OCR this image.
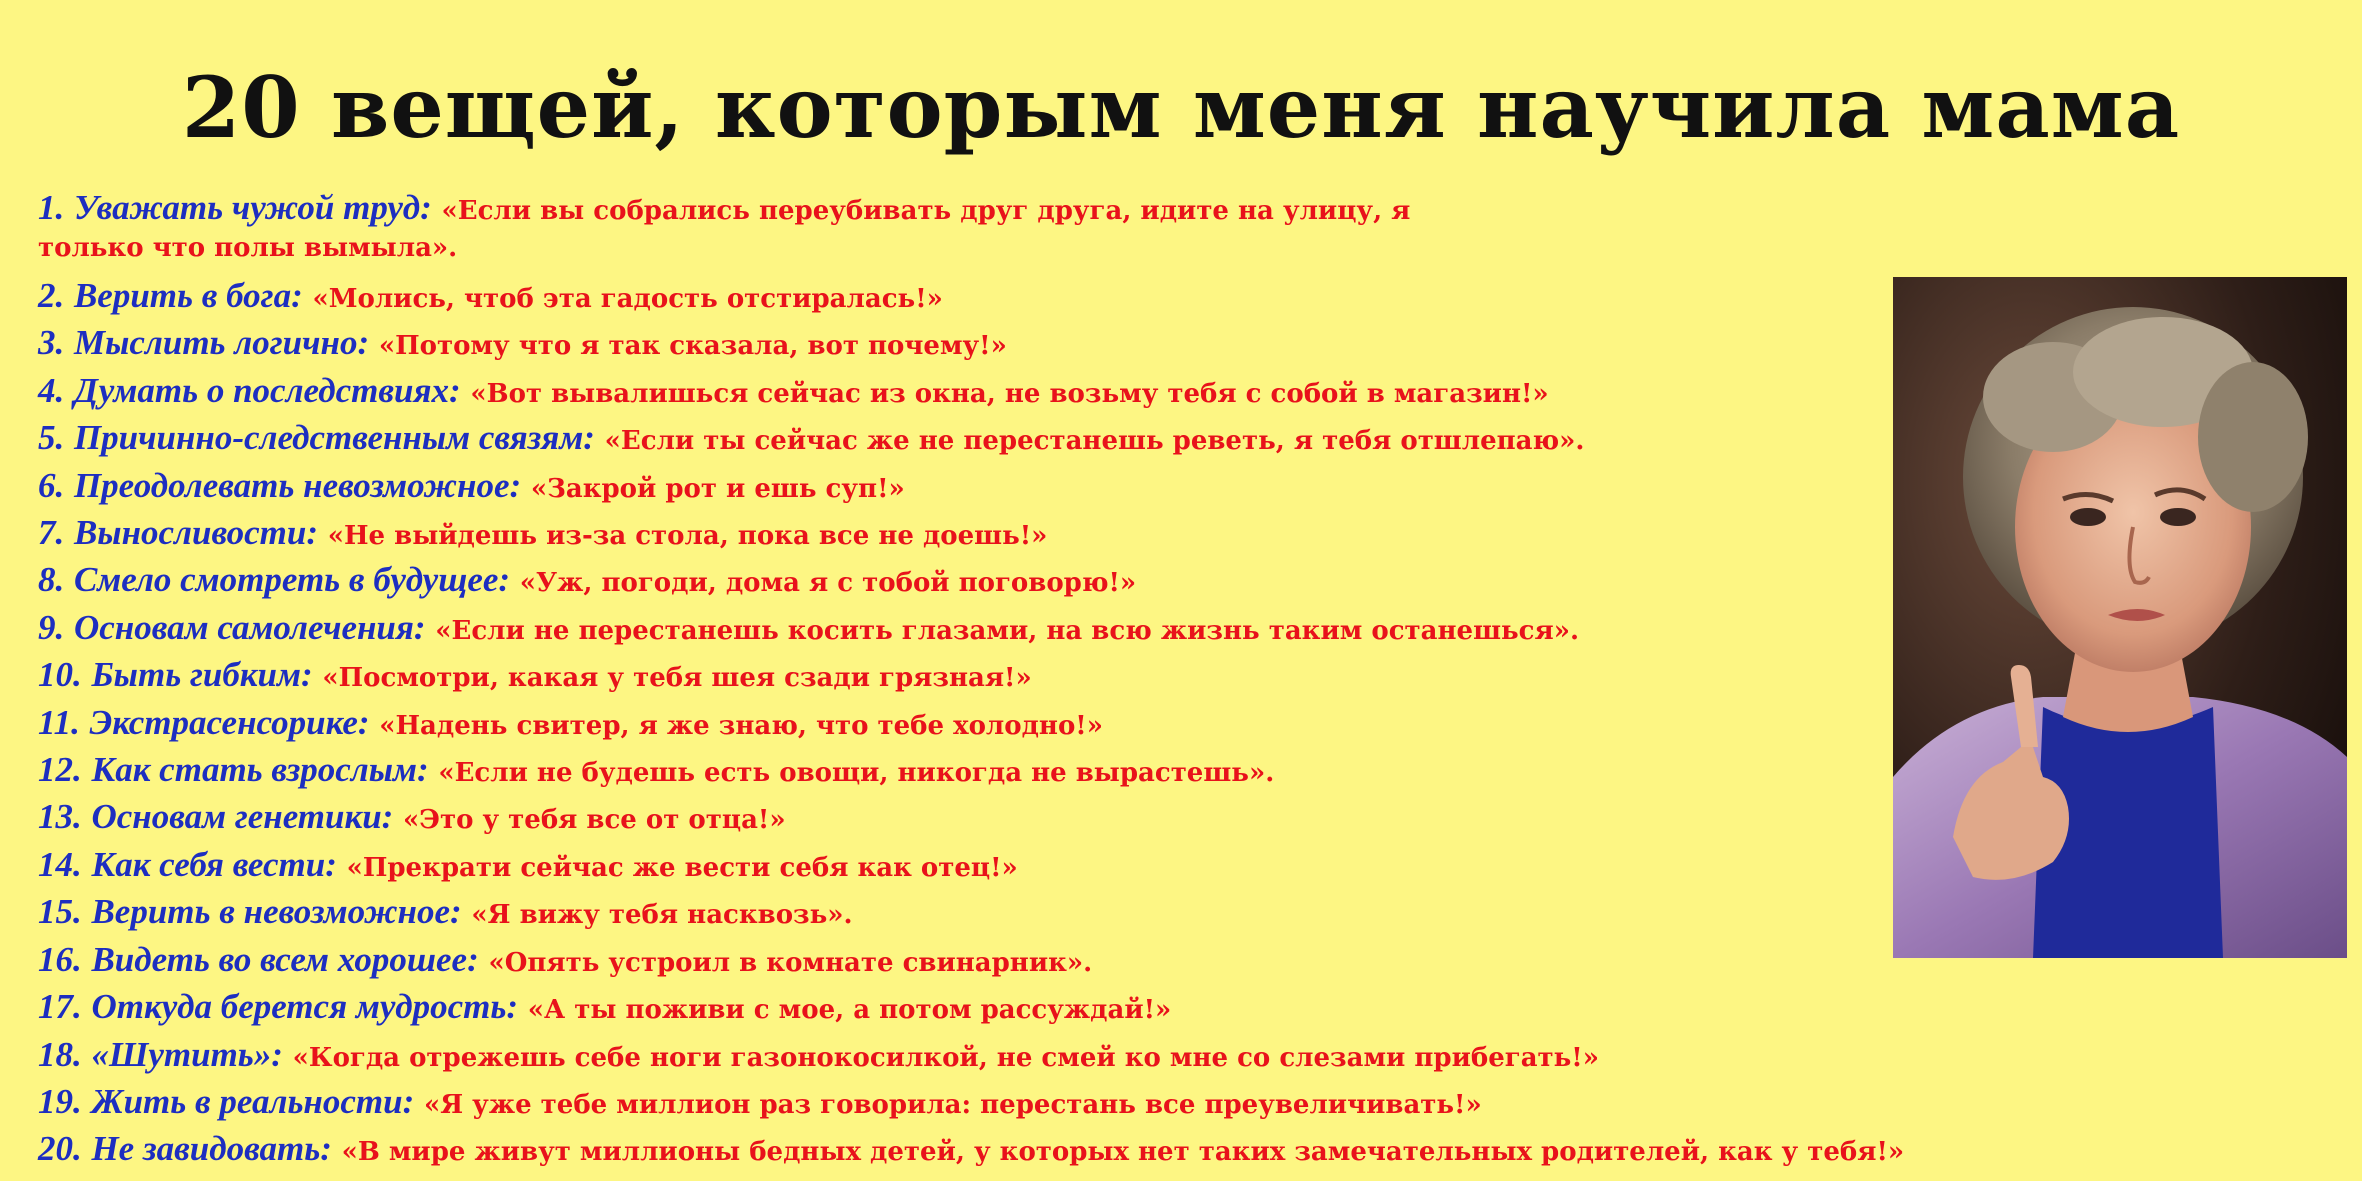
20 вещей, которым меня научила мама
1. Уважать чужой труд: «Если вы собрались переубивать друг друга, идите на улицу, я только что полы вымыла».
2. Верить в бога: «Молись, чтоб эта гадость отстиралась!»
3. Мыслить логично: «Потому что я так сказала, вот почему!»
4. Думать о последствиях: «Вот вывалишься сейчас из окна, не возьму тебя с собой в магазин!»
5. Причинно-следственным связям: «Если ты сейчас же не перестанешь реветь, я тебя отшлепаю».
6. Преодолевать невозможное: «Закрой рот и ешь суп!»
7. Выносливости: «Не выйдешь из-за стола, пока все не доешь!»
8. Смело смотреть в будущее: «Уж, погоди, дома я с тобой поговорю!»
9. Основам самолечения: «Если не перестанешь косить глазами, на всю жизнь таким останешься».
10. Быть гибким: «Посмотри, какая у тебя шея сзади грязная!»
11. Экстрасенсорике: «Надень свитер, я же знаю, что тебе холодно!»
12. Как стать взрослым: «Если не будешь есть овощи, никогда не вырастешь».
13. Основам генетики: «Это у тебя все от отца!»
14. Как себя вести: «Прекрати сейчас же вести себя как отец!»
15. Верить в невозможное: «Я вижу тебя насквозь».
16. Видеть во всем хорошее: «Опять устроил в комнате свинарник».
17. Откуда берется мудрость: «А ты поживи с мое, а потом рассуждай!»
18. «Шутить»: «Когда отрежешь себе ноги газонокосилкой, не смей ко мне со слезами прибегать!»
19. Жить в реальности: «Я уже тебе миллион раз говорила: перестань все преувеличивать!»
20. Не завидовать: «В мире живут миллионы бедных детей, у которых нет таких замечательных родителей, как у тебя!»
